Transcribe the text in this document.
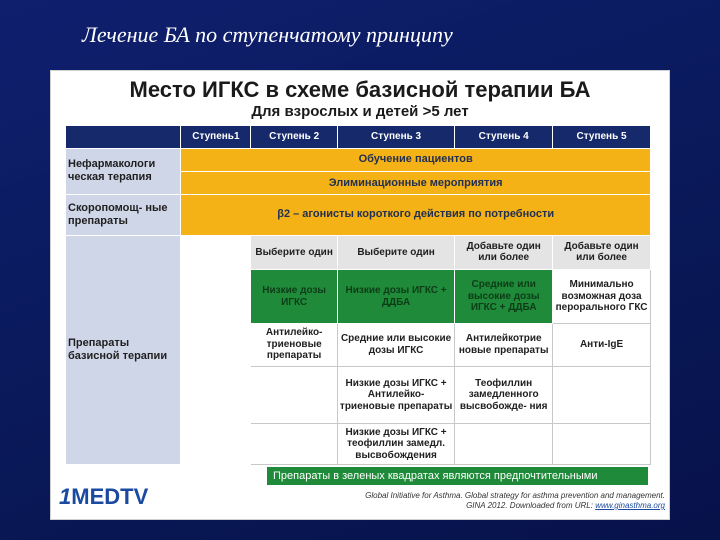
Лечение БА по ступенчатому принципу
Место ИГКС в схеме базисной терапии БА
Для взрослых и детей >5 лет
	Ступень1	Ступень 2	Ступень 3	Ступень 4	Ступень 5
Нефармакологи ческая терапия	Обучение пациентов				
	Элиминационные мероприятия				
Скоропомощ- ные препараты	β2 – агонисты короткого действия по потребности				
Препараты базисной терапии		Выберите один	Выберите один	Добавьте один или более	Добавьте один или более
		Низкие дозы ИГКС	Низкие дозы ИГКС + ДДБА	Средние или высокие дозы ИГКС + ДДБА	Минимально возможная доза перорального ГКС
		Антилейко- триеновые препараты	Средние или высокие дозы ИГКС	Антилейкотрие новые препараты	Анти-IgE
			Низкие дозы ИГКС + Антилейко- триеновые препараты	Теофиллин замедленного высвобожде- ния	
			Низкие дозы ИГКС + теофиллин замедл. высвобождения		
Препараты в зеленых квадратах являются предпочтительными
1MEDTV	Global Initiative for Asthma. Global strategy for asthma prevention and management.
GINA 2012. Downloaded from URL: www.ginasthma.org
